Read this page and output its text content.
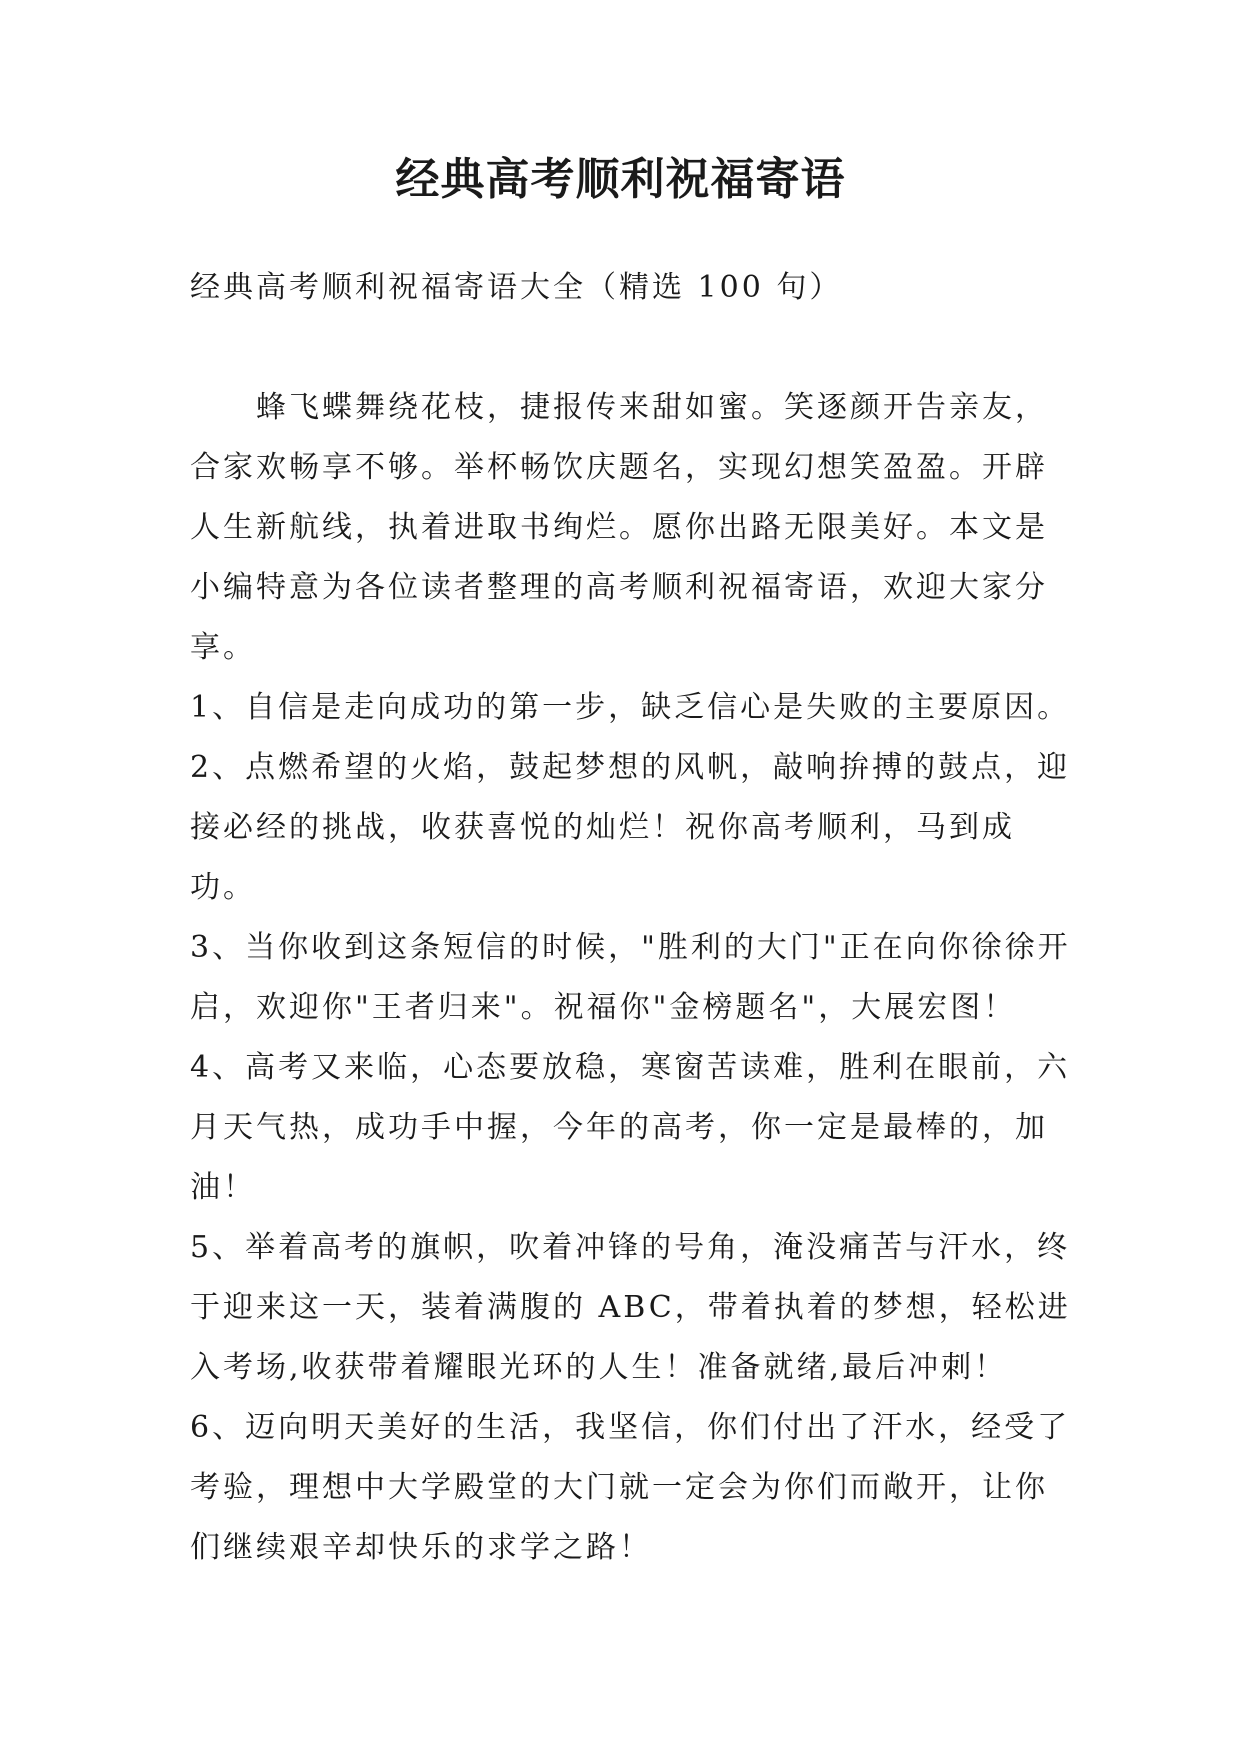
经典高考顺利祝福寄语

经典高考顺利祝福寄语大全（精选 100 句）

蜂飞蝶舞绕花枝，捷报传来甜如蜜。笑逐颜开告亲友，合家欢畅享不够。举杯畅饮庆题名，实现幻想笑盈盈。开辟人生新航线，执着进取书绚烂。愿你出路无限美好。本文是小编特意为各位读者整理的高考顺利祝福寄语，欢迎大家分享。

1、自信是走向成功的第一步，缺乏信心是失败的主要原因。

2、点燃希望的火焰，鼓起梦想的风帆，敲响拚搏的鼓点，迎接必经的挑战，收获喜悦的灿烂！祝你高考顺利，马到成功。

3、当你收到这条短信的时候，"胜利的大门"正在向你徐徐开启，欢迎你"王者归来"。祝福你"金榜题名"，大展宏图！

4、高考又来临，心态要放稳，寒窗苦读难，胜利在眼前，六月天气热，成功手中握，今年的高考，你一定是最棒的，加油！

5、举着高考的旗帜，吹着冲锋的号角，淹没痛苦与汗水，终于迎来这一天，装着满腹的 ABC，带着执着的梦想，轻松进入考场,收获带着耀眼光环的人生！准备就绪,最后冲刺！

6、迈向明天美好的生活，我坚信，你们付出了汗水，经受了考验，理想中大学殿堂的大门就一定会为你们而敞开，让你们继续艰辛却快乐的求学之路！
